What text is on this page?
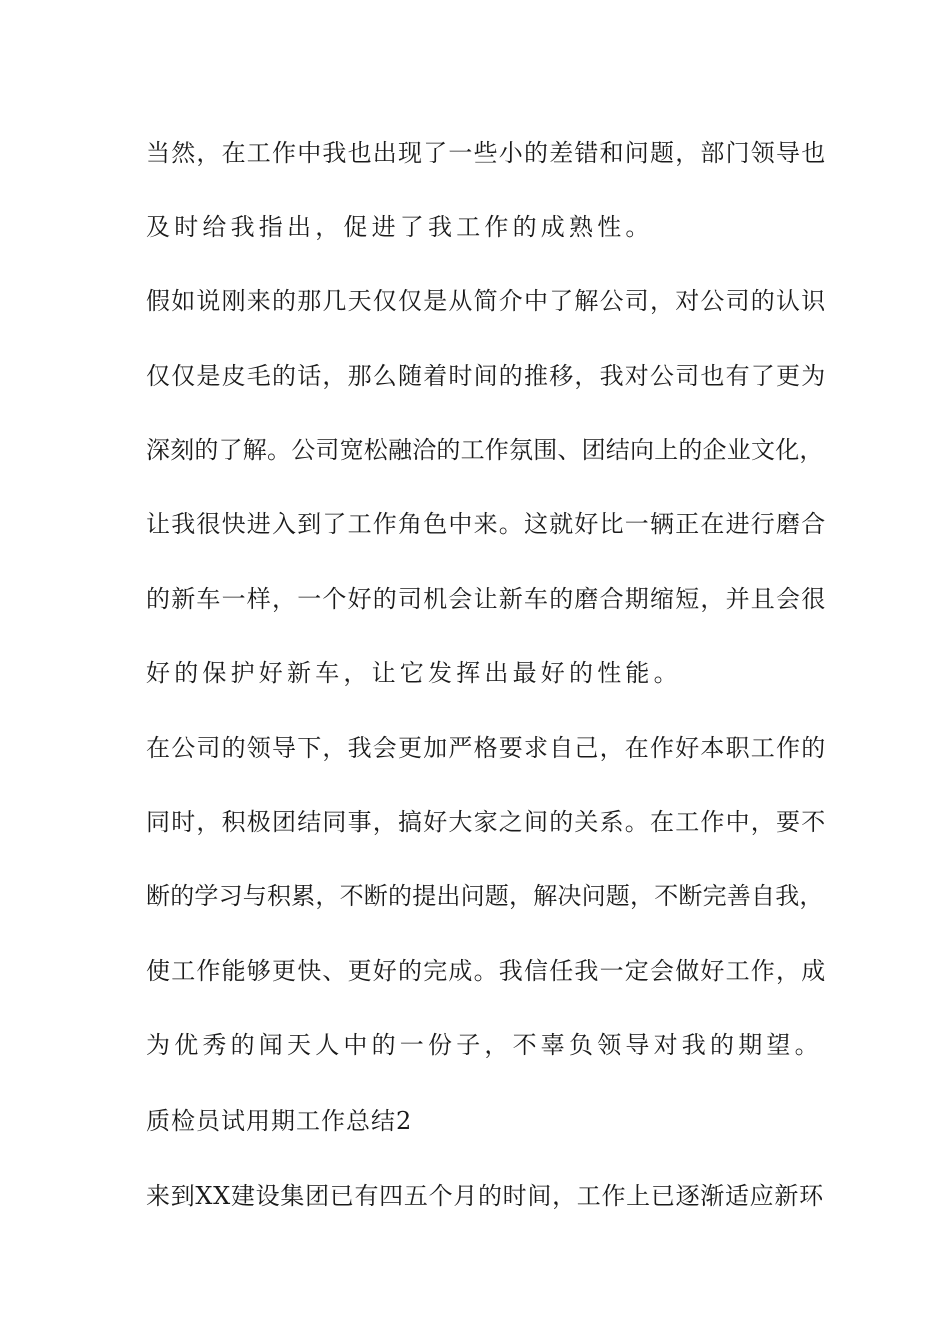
当然，在工作中我也出现了一些小的差错和问题，部门领导也
及时给我指出，促进了我工作的成熟性。
假如说刚来的那几天仅仅是从简介中了解公司，对公司的认识
仅仅是皮毛的话，那么随着时间的推移，我对公司也有了更为
深刻的了解。公司宽松融洽的工作氛围、团结向上的企业文化，
让我很快进入到了工作角色中来。这就好比一辆正在进行磨合
的新车一样，一个好的司机会让新车的磨合期缩短，并且会很
好的保护好新车，让它发挥出最好的性能。
在公司的领导下，我会更加严格要求自己，在作好本职工作的
同时，积极团结同事，搞好大家之间的关系。在工作中，要不
断的学习与积累，不断的提出问题，解决问题，不断完善自我，
使工作能够更快、更好的完成。我信任我一定会做好工作，成
为优秀的闻天人中的一份子，不辜负领导对我的期望。
质检员试用期工作总结2
来到XX建设集团已有四五个月的时间，工作上已逐渐适应新环
